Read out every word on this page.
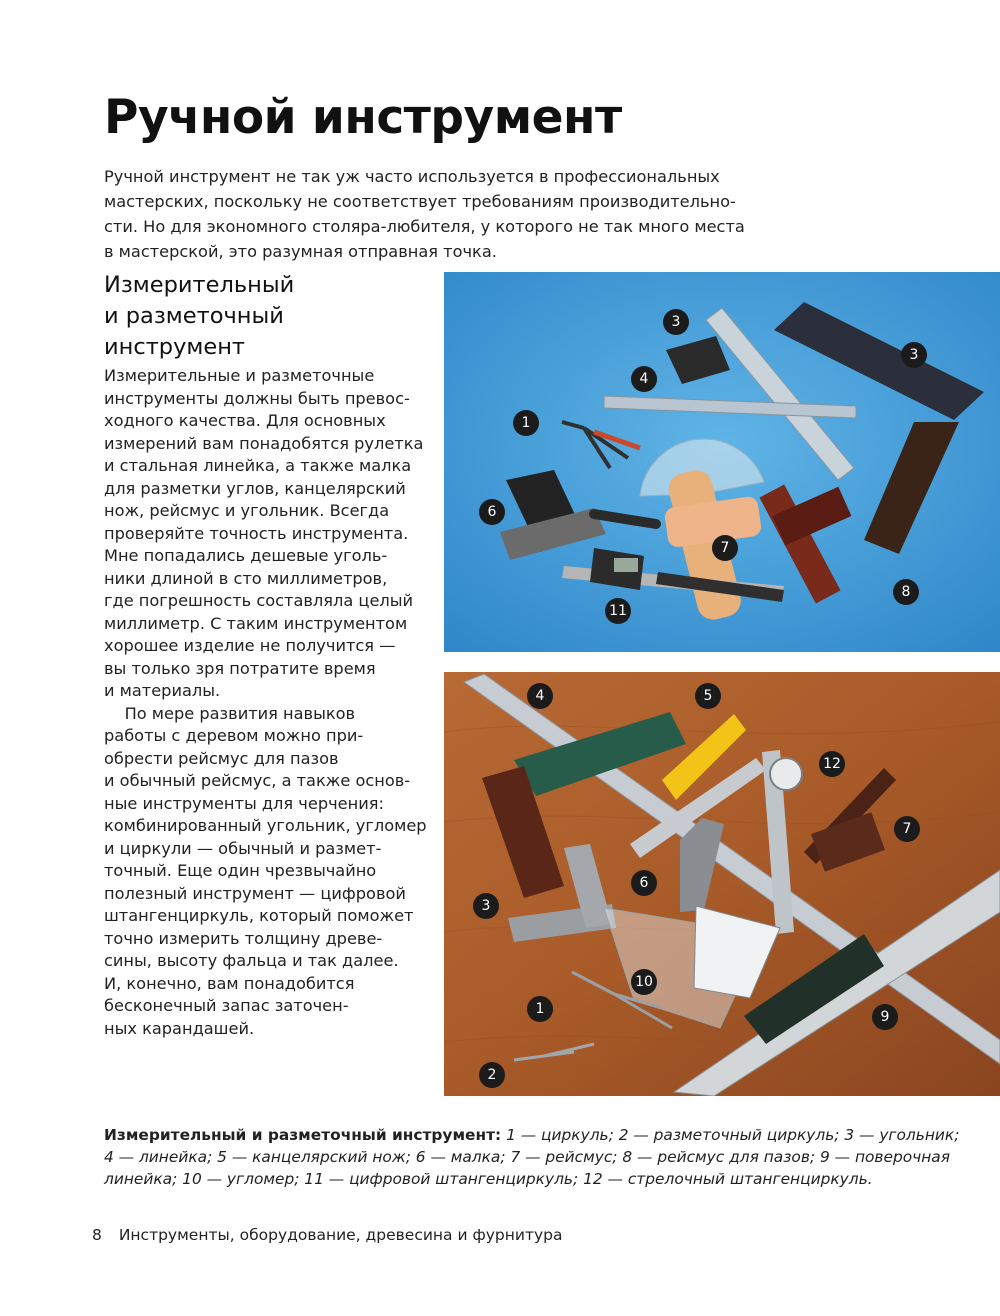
Ручной инструмент

Ручной инструмент не так уж часто используется в профессиональных
мастерских, поскольку не соответствует требованиям производительно-
сти. Но для экономного столяра-любителя, у которого не так много места
в мастерской, это разумная отправная точка.

Измерительный
и разметочный
инструмент
Измерительные и разметочные
инструменты должны быть превос-
ходного качества. Для основных
измерений вам понадобятся рулетка
и стальная линейка, а также малка
для разметки углов, канцелярский
нож, рейсмус и угольник. Всегда
проверяйте точность инструмента.
Мне попадались дешевые уголь-
ники длиной в сто миллиметров,
где погрешность составляла целый
миллиметр. С таким инструментом
хорошее изделие не получится —
вы только зря потратите время
и материалы.
По мере развития навыков
работы с деревом можно при-
обрести рейсмус для пазов
и обычный рейсмус, а также основ-
ные инструменты для черчения:
комбинированный угольник, угломер
и циркули — обычный и размет-
точный. Еще один чрезвычайно
полезный инструмент — цифровой
штангенциркуль, который поможет
точно измерить толщину древе-
сины, высоту фальца и так далее.
И, конечно, вам понадобится
бесконечный запас заточен-
ных карандашей.
3
3
4
1
6
7
8
11
4	5
12
7
6
3
10
1	9
2

Измерительный и разметочный инструмент: 1 — циркуль; 2 — разметочный циркуль; 3 — угольник;
4 — линейка; 5 — канцелярский нож; 6 — малка; 7 — рейсмус; 8 — рейсмус для пазов; 9 — поверочная
линейка; 10 — угломер; 11 — цифровой штангенциркуль; 12 — стрелочный штангенциркуль.

8 Инструменты, оборудование, древесина и фурнитура
